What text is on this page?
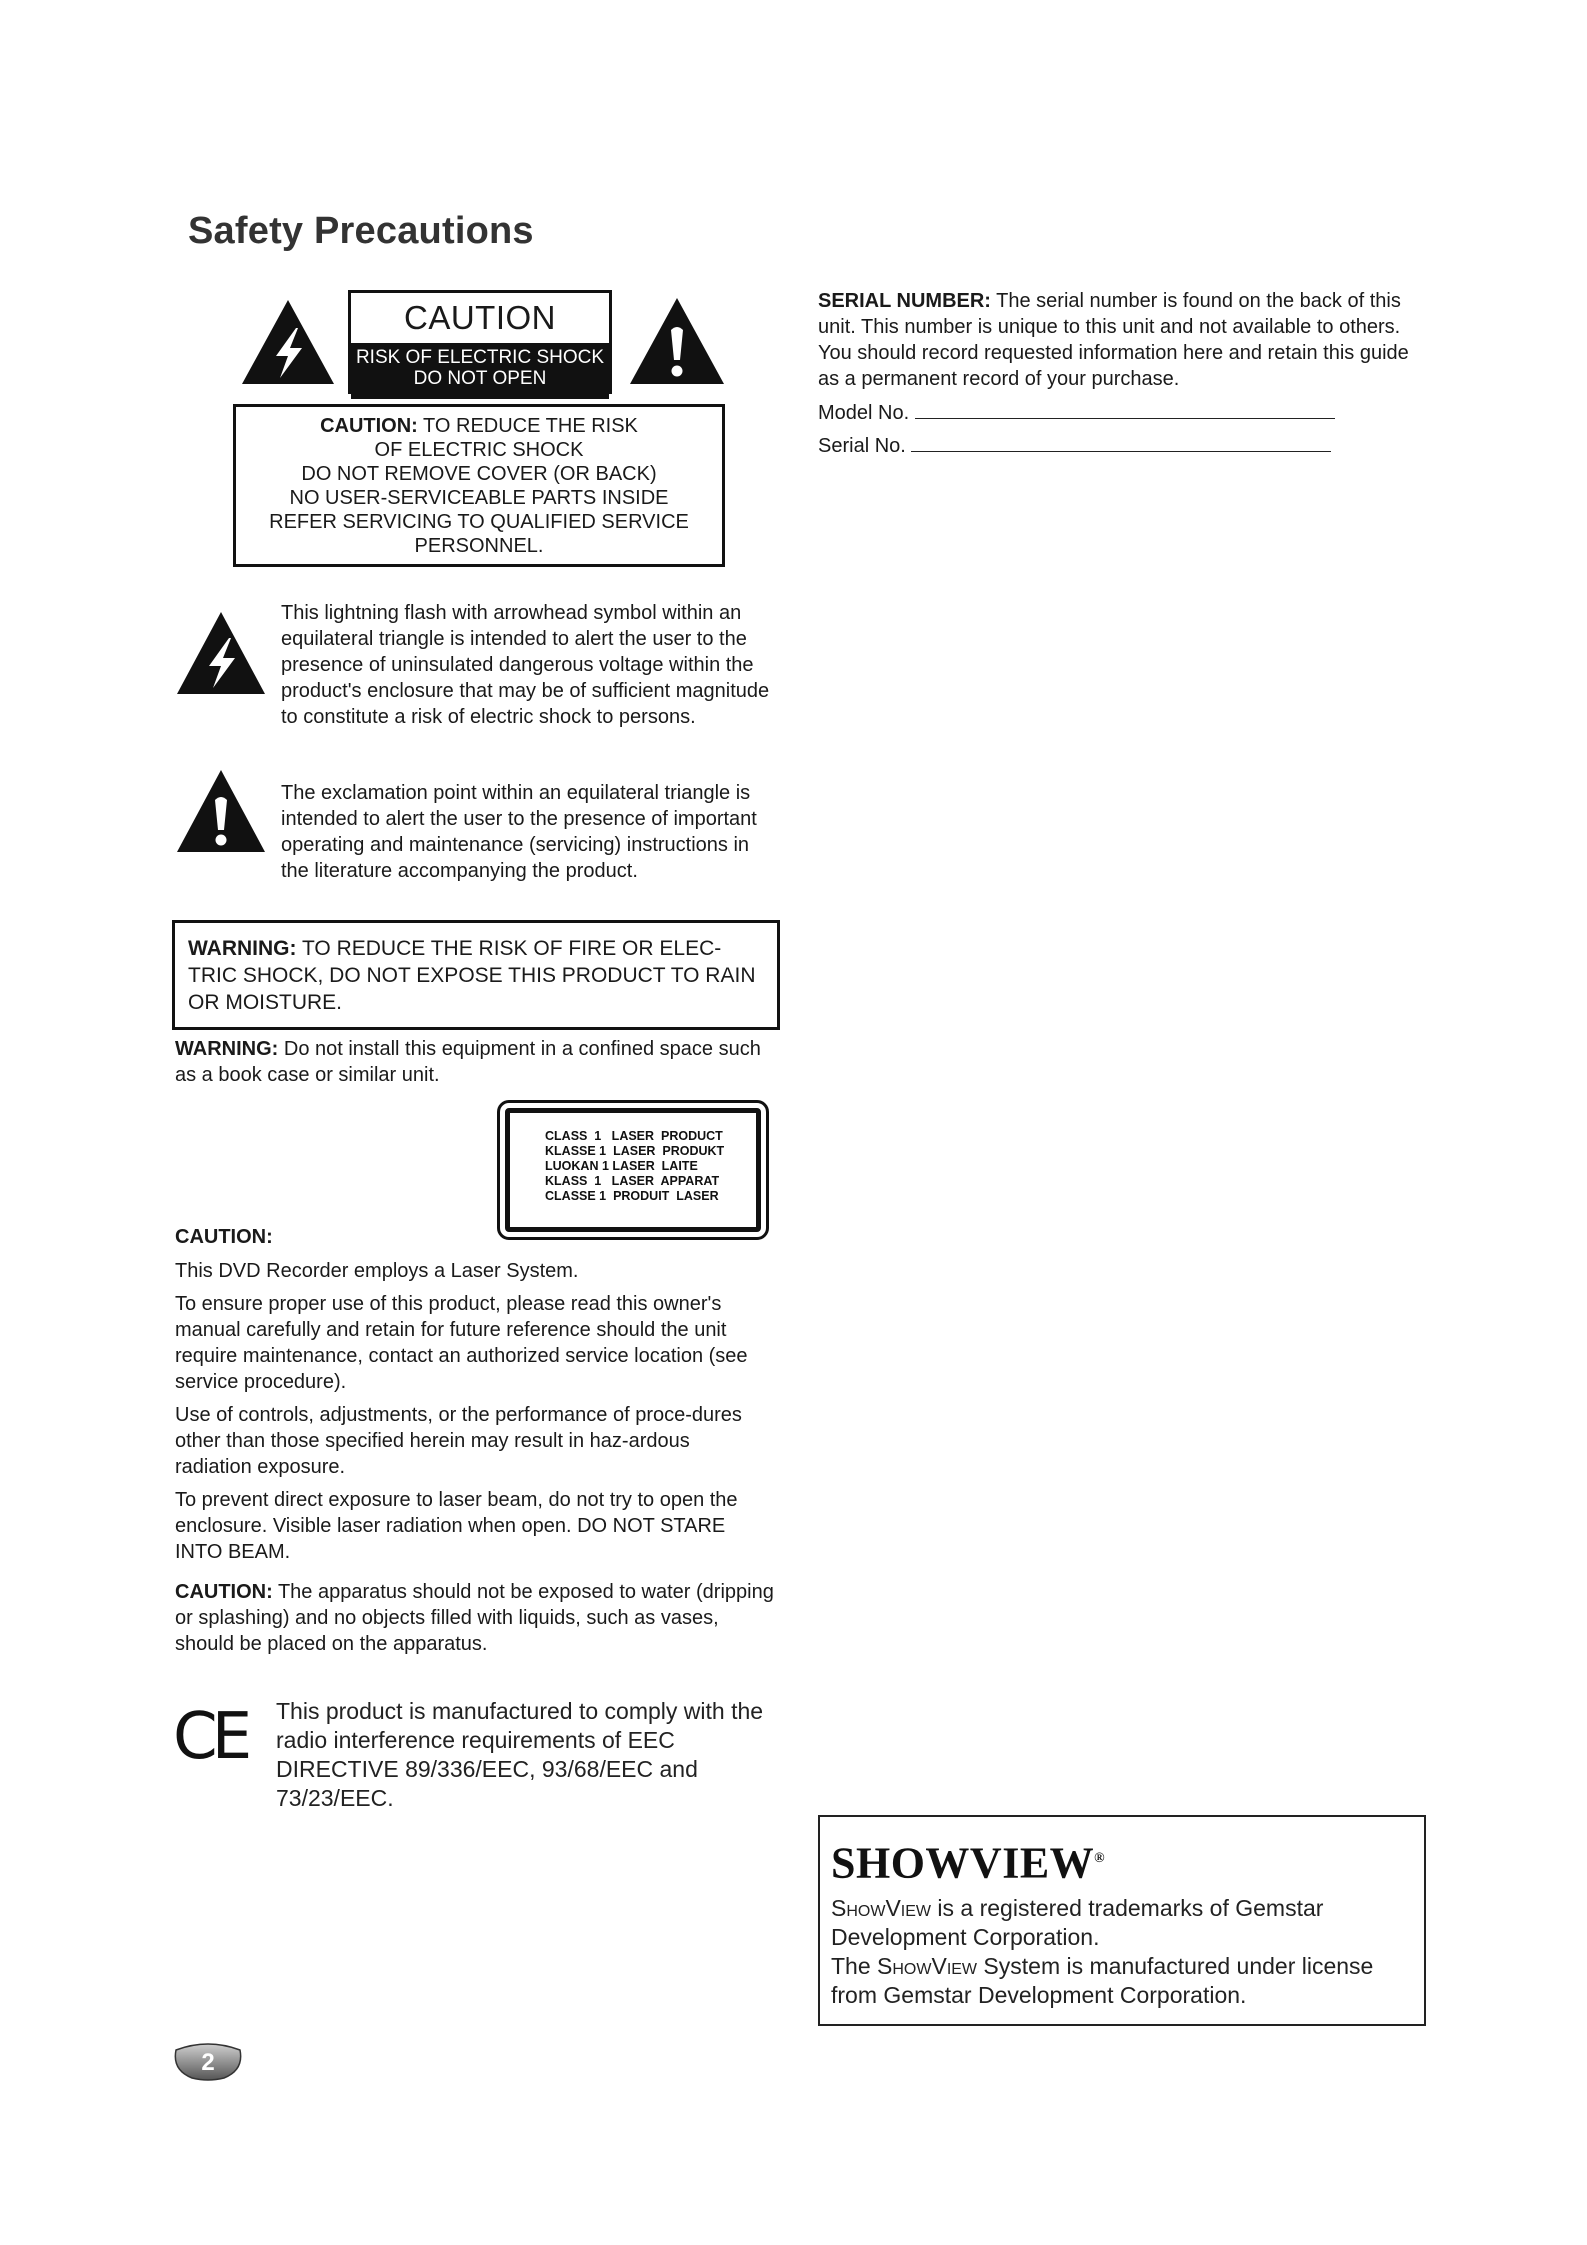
Safety Precautions
CAUTION
RISK OF ELECTRIC SHOCK
DO NOT OPEN
CAUTION: TO REDUCE THE RISK
OF ELECTRIC SHOCK
DO NOT REMOVE COVER (OR BACK)
NO USER-SERVICEABLE PARTS INSIDE
REFER SERVICING TO QUALIFIED SERVICE
PERSONNEL.
This lightning flash with arrowhead symbol within an equilateral triangle is intended to alert the user to the presence of uninsulated dangerous voltage within the product's enclosure that may be of sufficient magnitude to constitute a risk of electric shock to persons.
The exclamation point within an equilateral triangle is intended to alert the user to the presence of important operating and maintenance (servicing) instructions in the literature accompanying the product.
WARNING: TO REDUCE THE RISK OF FIRE OR ELEC-TRIC SHOCK, DO NOT EXPOSE THIS PRODUCT TO RAIN OR MOISTURE.
WARNING: Do not install this equipment in a confined space such as a book case or similar unit.
CLASS  1   LASER  PRODUCT
KLASSE 1  LASER  PRODUKT
LUOKAN 1 LASER  LAITE
KLASS  1   LASER  APPARAT
CLASSE 1  PRODUIT  LASER
CAUTION:
This DVD Recorder employs a Laser System.
To ensure proper use of this product, please read this owner's manual carefully and retain for future reference should the unit require maintenance, contact an authorized service location (see service procedure).
Use of controls, adjustments, or the performance of proce-dures other than those specified herein may result in haz-ardous radiation exposure.
To prevent direct exposure to laser beam, do not try to open the enclosure. Visible laser radiation when open. DO NOT STARE INTO BEAM.
CAUTION: The apparatus should not be exposed to water (dripping or splashing) and no objects filled with liquids, such as vases, should be placed on the apparatus.
CE This product is manufactured to comply with the radio interference requirements of EEC DIRECTIVE 89/336/EEC, 93/68/EEC and 73/23/EEC.
SERIAL NUMBER: The serial number is found on the back of this unit. This number is unique to this unit and not available to others. You should record requested information here and retain this guide as a permanent record of your purchase.
Model No.
Serial No.
SHOWVIEW®
ShowView is a registered trademarks of Gemstar Development Corporation.
The ShowView System is manufactured under license from Gemstar Development Corporation.
2
